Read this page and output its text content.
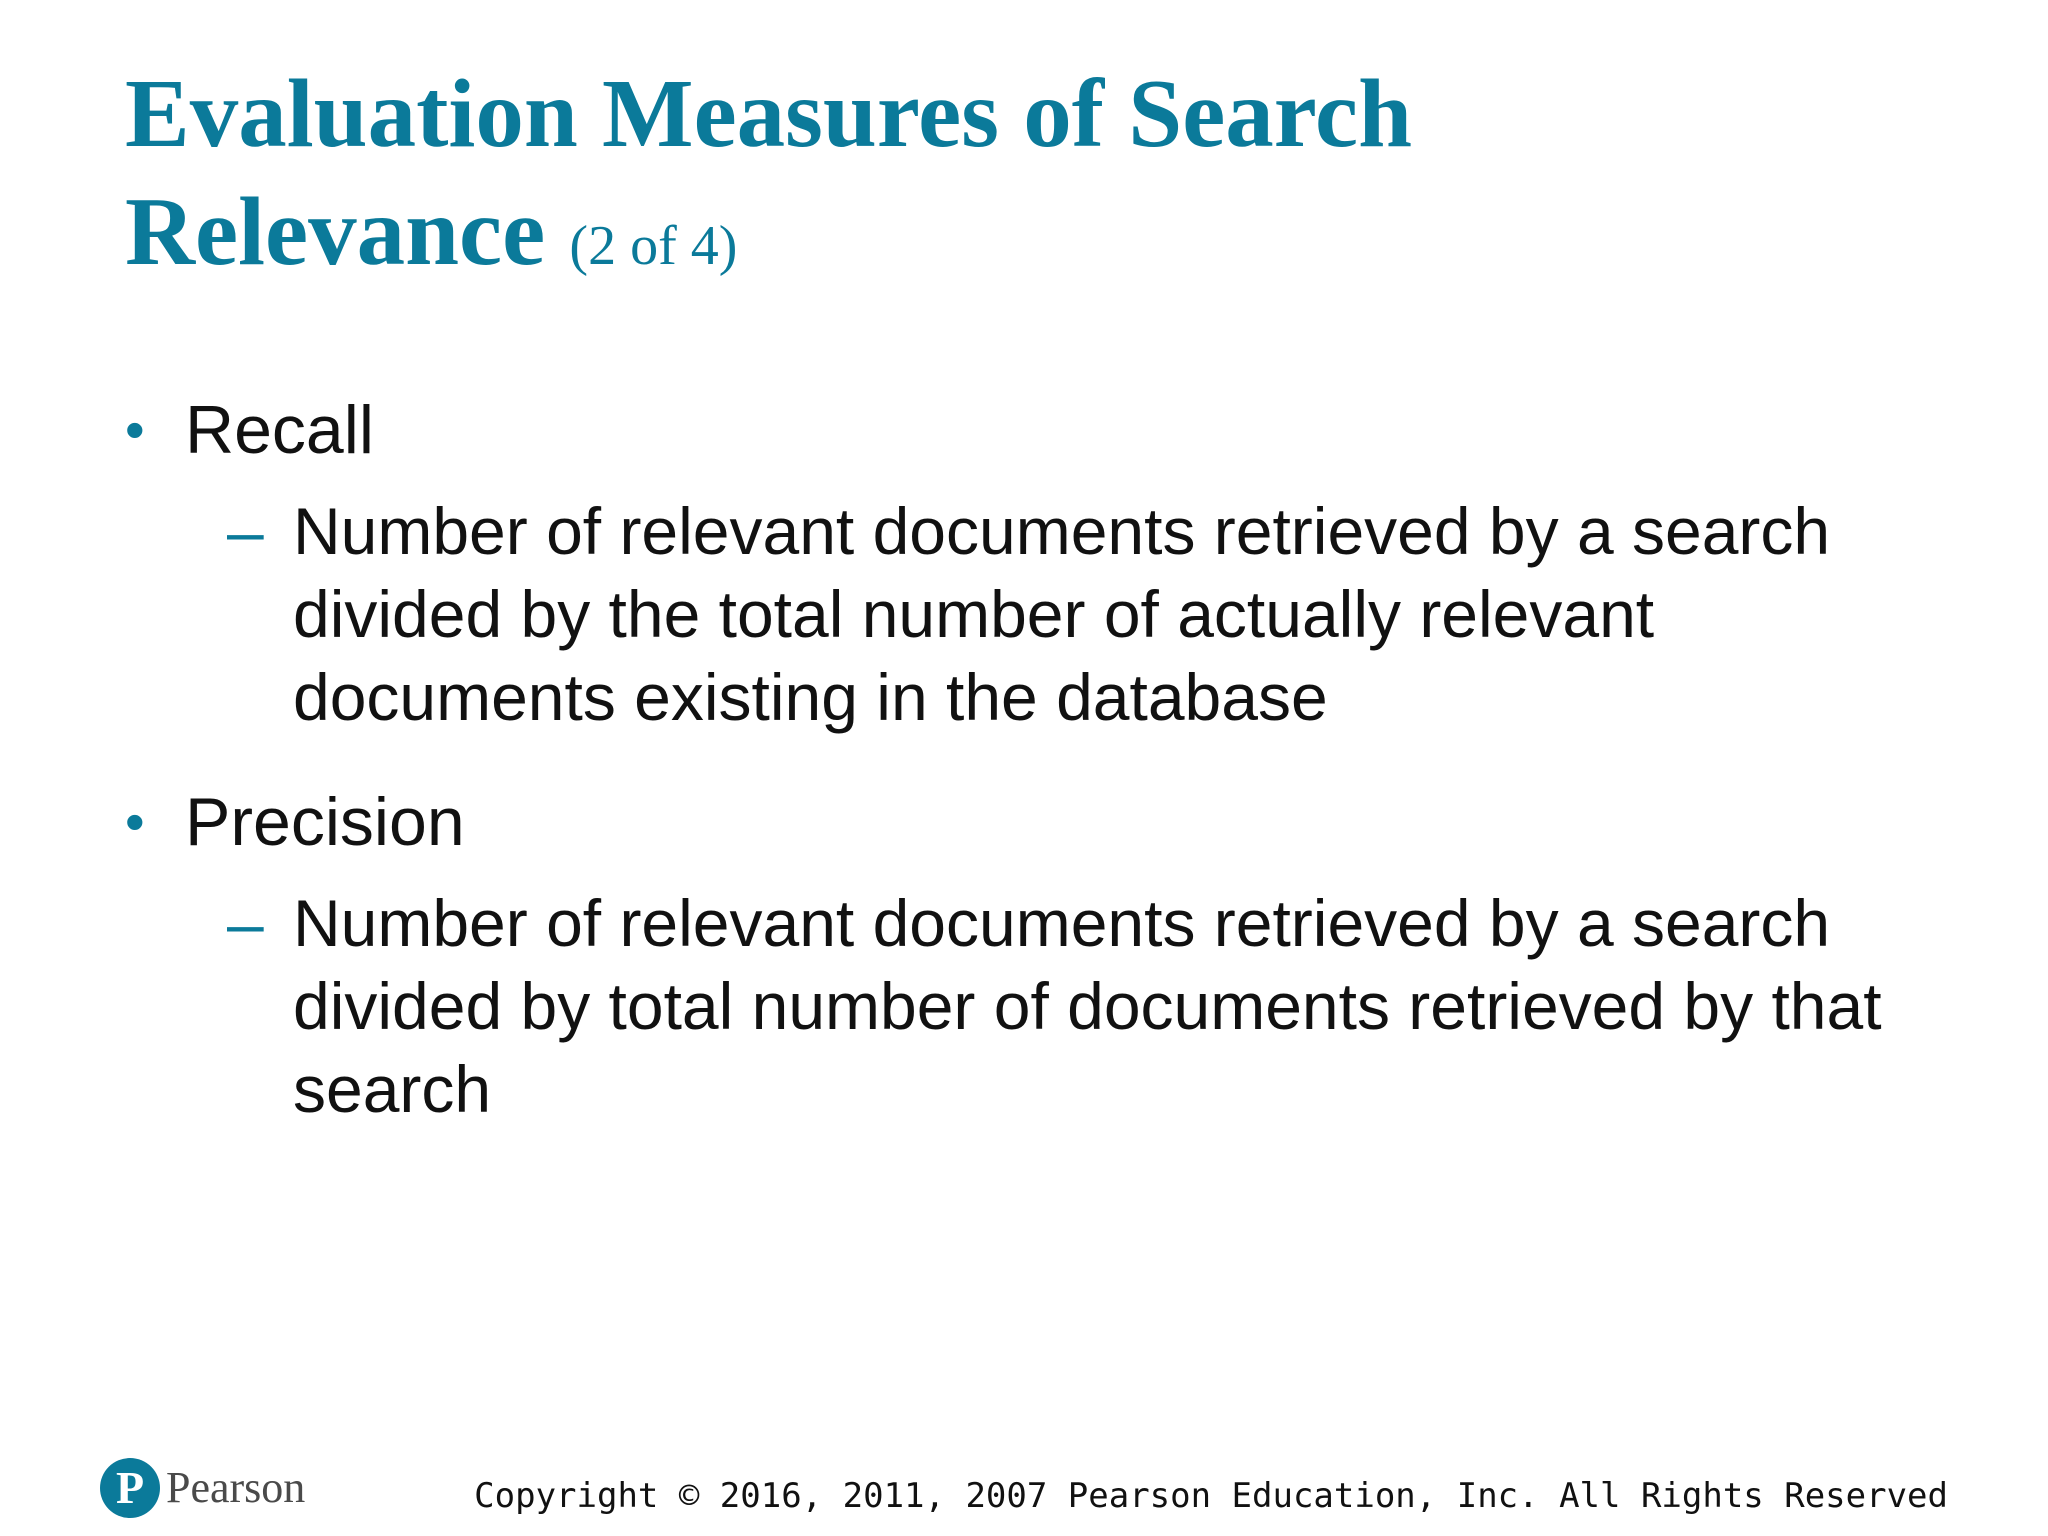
Evaluation Measures of Search Relevance (2 of 4)
• Recall
– Number of relevant documents retrieved by a search divided by the total number of actually relevant documents existing in the database
• Precision
– Number of relevant documents retrieved by a search divided by total number of documents retrieved by that search
P Pearson	Copyright © 2016, 2011, 2007 Pearson Education, Inc. All Rights Reserved
